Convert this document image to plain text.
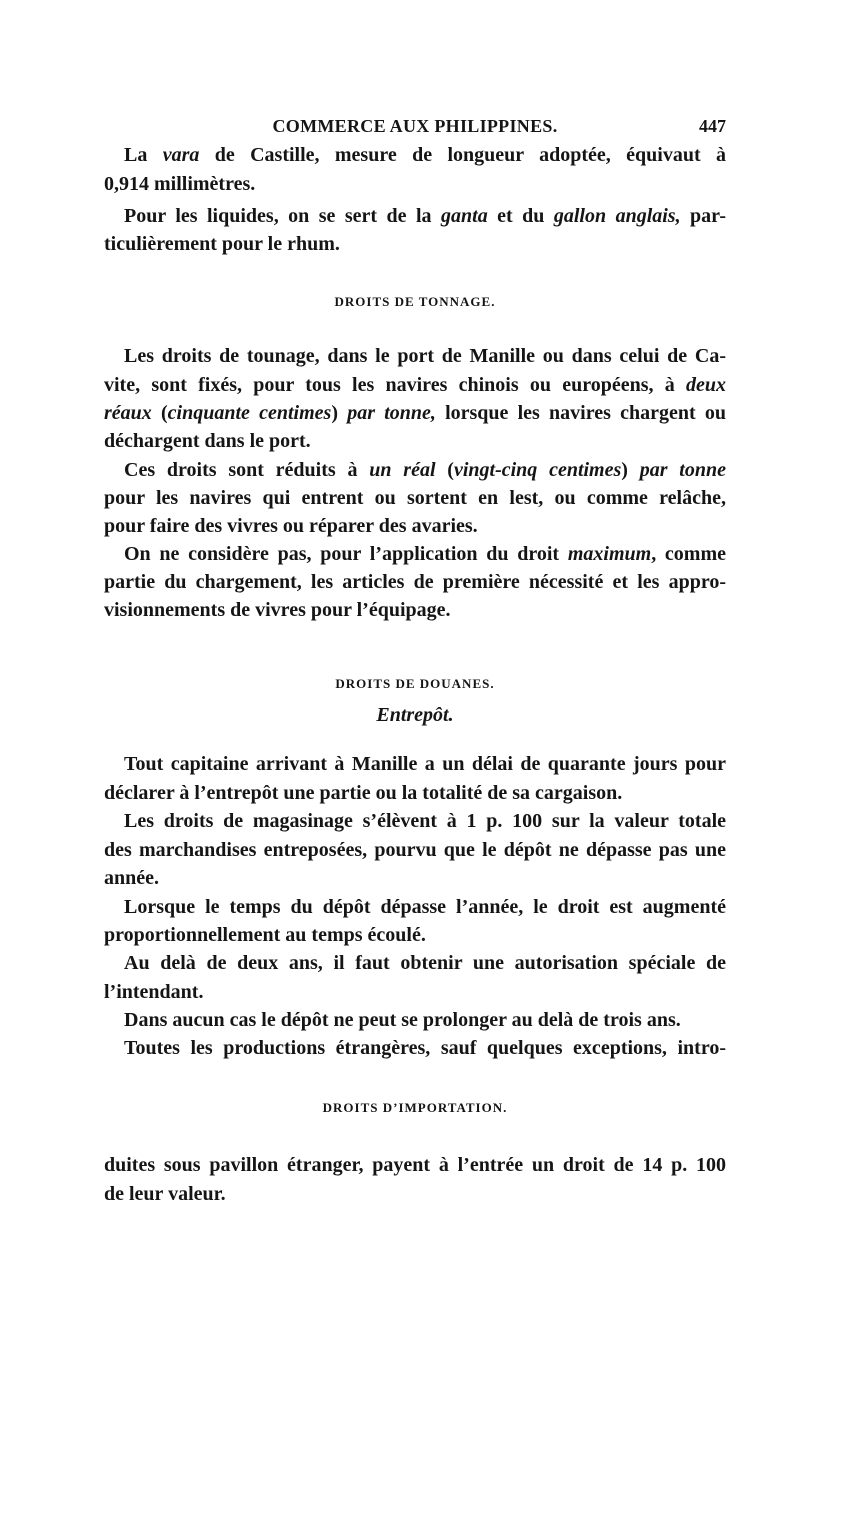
COMMERCE AUX PHILIPPINES.	447
DROITS DE TONNAGE.
DROITS DE DOUANES.
Entrepôt.
DROITS D’IMPORTATION.
La vara de Castille, mesure de longueur adoptée, équivaut à
0,914 millimètres.
Pour les liquides, on se sert de la ganta et du gallon anglais, par-
ticulièrement pour le rhum.
Les droits de tounage, dans le port de Manille ou dans celui de Ca-
vite, sont fixés, pour tous les navires chinois ou européens, à deux
réaux (cinquante centimes) par tonne, lorsque les navires chargent ou
déchargent dans le port.
Ces droits sont réduits à un réal (vingt-cinq centimes) par tonne
pour les navires qui entrent ou sortent en lest, ou comme relâche,
pour faire des vivres ou réparer des avaries.
On ne considère pas, pour l’application du droit maximum, comme
partie du chargement, les articles de première nécessité et les appro-
visionnements de vivres pour l’équipage.
Tout capitaine arrivant à Manille a un délai de quarante jours pour
déclarer à l’entrepôt une partie ou la totalité de sa cargaison.
Les droits de magasinage s’élèvent à 1 p. 100 sur la valeur totale
des marchandises entreposées, pourvu que le dépôt ne dépasse pas une
année.
Lorsque le temps du dépôt dépasse l’année, le droit est augmenté
proportionnellement au temps écoulé.
Au delà de deux ans, il faut obtenir une autorisation spéciale de
l’intendant.
Dans aucun cas le dépôt ne peut se prolonger au delà de trois ans.
Toutes les productions étrangères, sauf quelques exceptions, intro-
duites sous pavillon étranger, payent à l’entrée un droit de 14 p. 100
de leur valeur.
